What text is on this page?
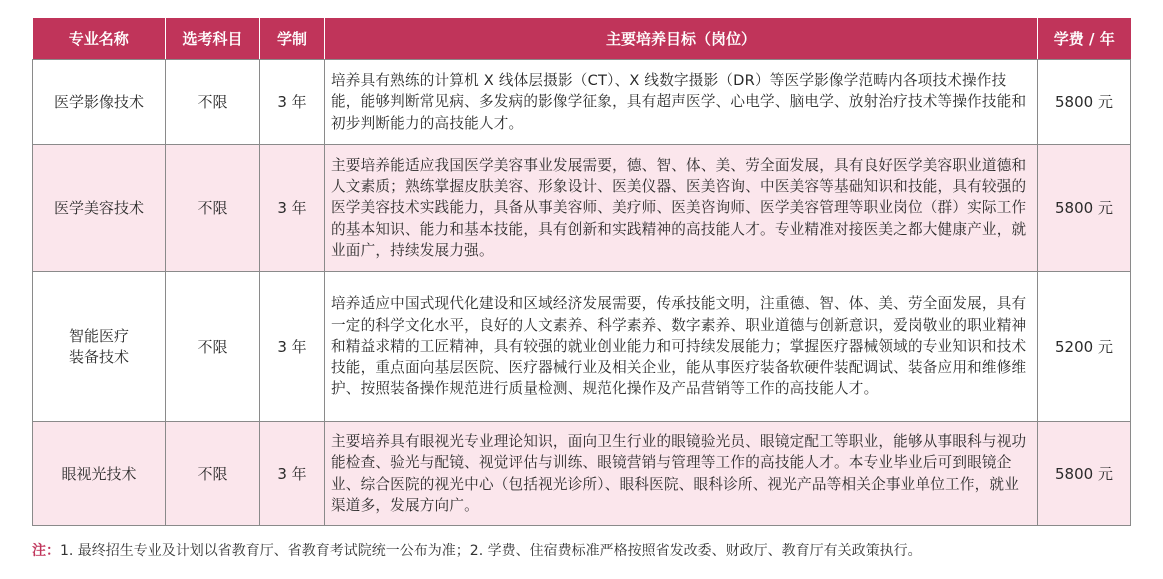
专业名称	选考科目	学制	主要培养目标（岗位）	学费 / 年
医学影像技术	不限	3 年	培养具有熟练的计算机 X 线体层摄影（CT）、X 线数字摄影（DR）等医学影像学范畴内各项技术操作技能，能够判断常见病、多发病的影像学征象，具有超声医学、心电学、脑电学、放射治疗技术等操作技能和初步判断能力的高技能人才。	5800 元
医学美容技术	不限	3 年	主要培养能适应我国医学美容事业发展需要，德、智、体、美、劳全面发展，具有良好医学美容职业道德和人文素质；熟练掌握皮肤美容、形象设计、医美仪器、医美咨询、中医美容等基础知识和技能，具有较强的医学美容技术实践能力，具备从事美容师、美疗师、医美咨询师、医学美容管理等职业岗位（群）实际工作的基本知识、能力和基本技能，具有创新和实践精神的高技能人才。专业精准对接医美之都大健康产业，就业面广，持续发展力强。	5800 元
智能医疗装备技术	不限	3 年	培养适应中国式现代化建设和区域经济发展需要，传承技能文明，注重德、智、体、美、劳全面发展，具有一定的科学文化水平，良好的人文素养、科学素养、数字素养、职业道德与创新意识，爱岗敬业的职业精神和精益求精的工匠精神，具有较强的就业创业能力和可持续发展能力；掌握医疗器械领域的专业知识和技术技能，重点面向基层医院、医疗器械行业及相关企业，能从事医疗装备软硬件装配调试、装备应用和维修维护、按照装备操作规范进行质量检测、规范化操作及产品营销等工作的高技能人才。	5200 元
眼视光技术	不限	3 年	主要培养具有眼视光专业理论知识，面向卫生行业的眼镜验光员、眼镜定配工等职业，能够从事眼科与视功能检查、验光与配镜、视觉评估与训练、眼镜营销与管理等工作的高技能人才。本专业毕业后可到眼镜企业、综合医院的视光中心（包括视光诊所）、眼科医院、眼科诊所、视光产品等相关企事业单位工作，就业渠道多，发展方向广。	5800 元
注：1. 最终招生专业及计划以省教育厅、省教育考试院统一公布为准；2. 学费、住宿费标准严格按照省发改委、财政厅、教育厅有关政策执行。
